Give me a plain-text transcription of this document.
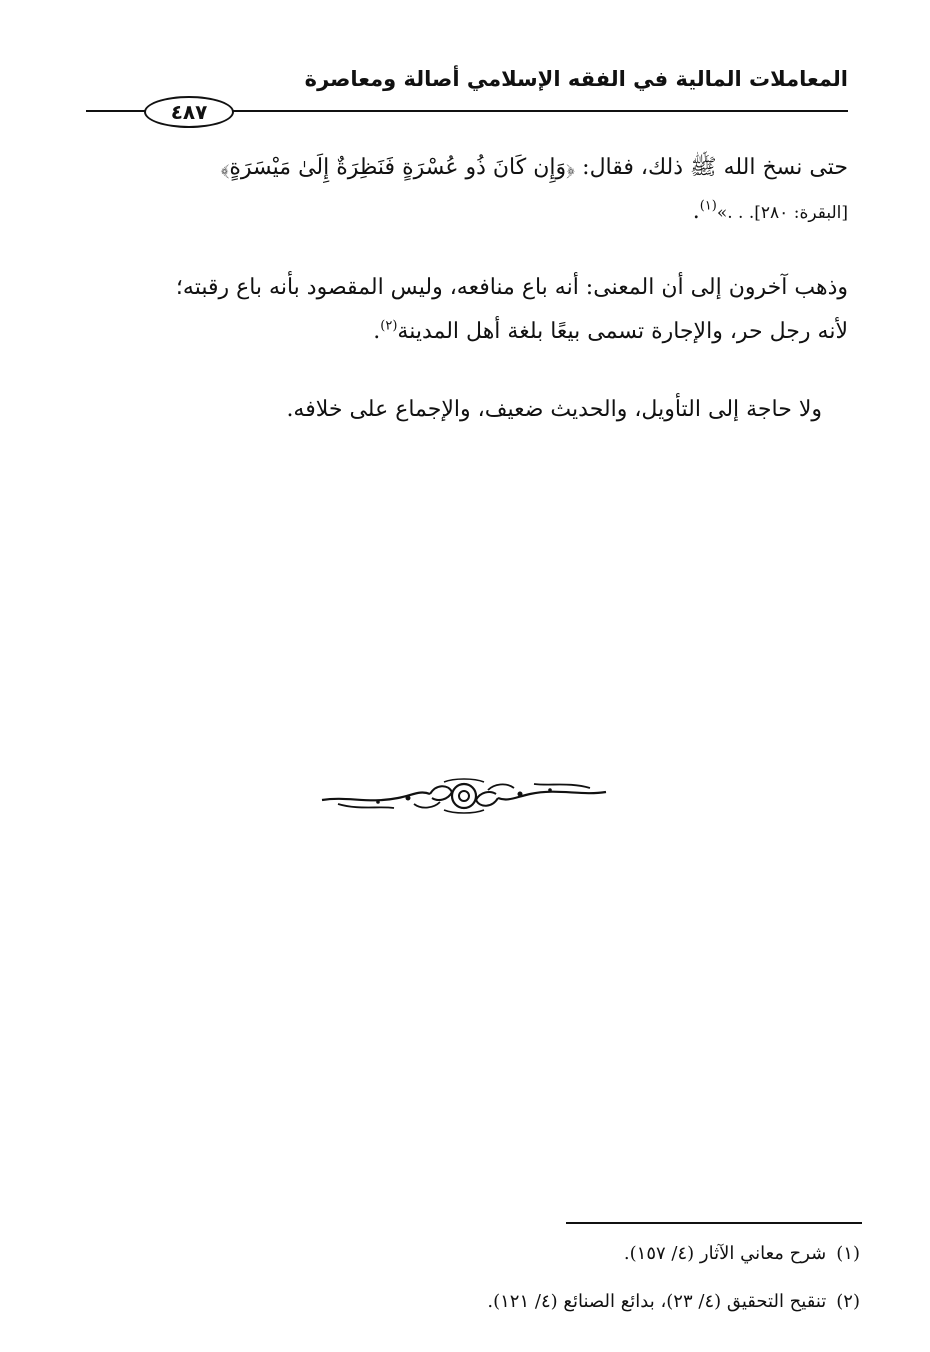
المعاملات المالية في الفقه الإسلامي أصالة ومعاصرة
٤٨٧
حتى نسخ الله ﷺ ذلك، فقال: ﴿وَإِن كَانَ ذُو عُسْرَةٍ فَنَظِرَةٌ إِلَىٰ مَيْسَرَةٍ﴾
[البقرة: ٢٨٠]. . .»$^{(١)}$.
وذهب آخرون إلى أن المعنى: أنه باع منافعه، وليس المقصود بأنه باع رقبته؛
لأنه رجل حر، والإجارة تسمى بيعًا بلغة أهل المدينة$^{(٢)}$.
ولا حاجة إلى التأويل، والحديث ضعيف، والإجماع على خلافه.
(١)شرح معاني الآثار (٤/ ١٥٧).
(٢)تنقيح التحقيق (٤/ ٢٣)، بدائع الصنائع (٤/ ١٢١).
